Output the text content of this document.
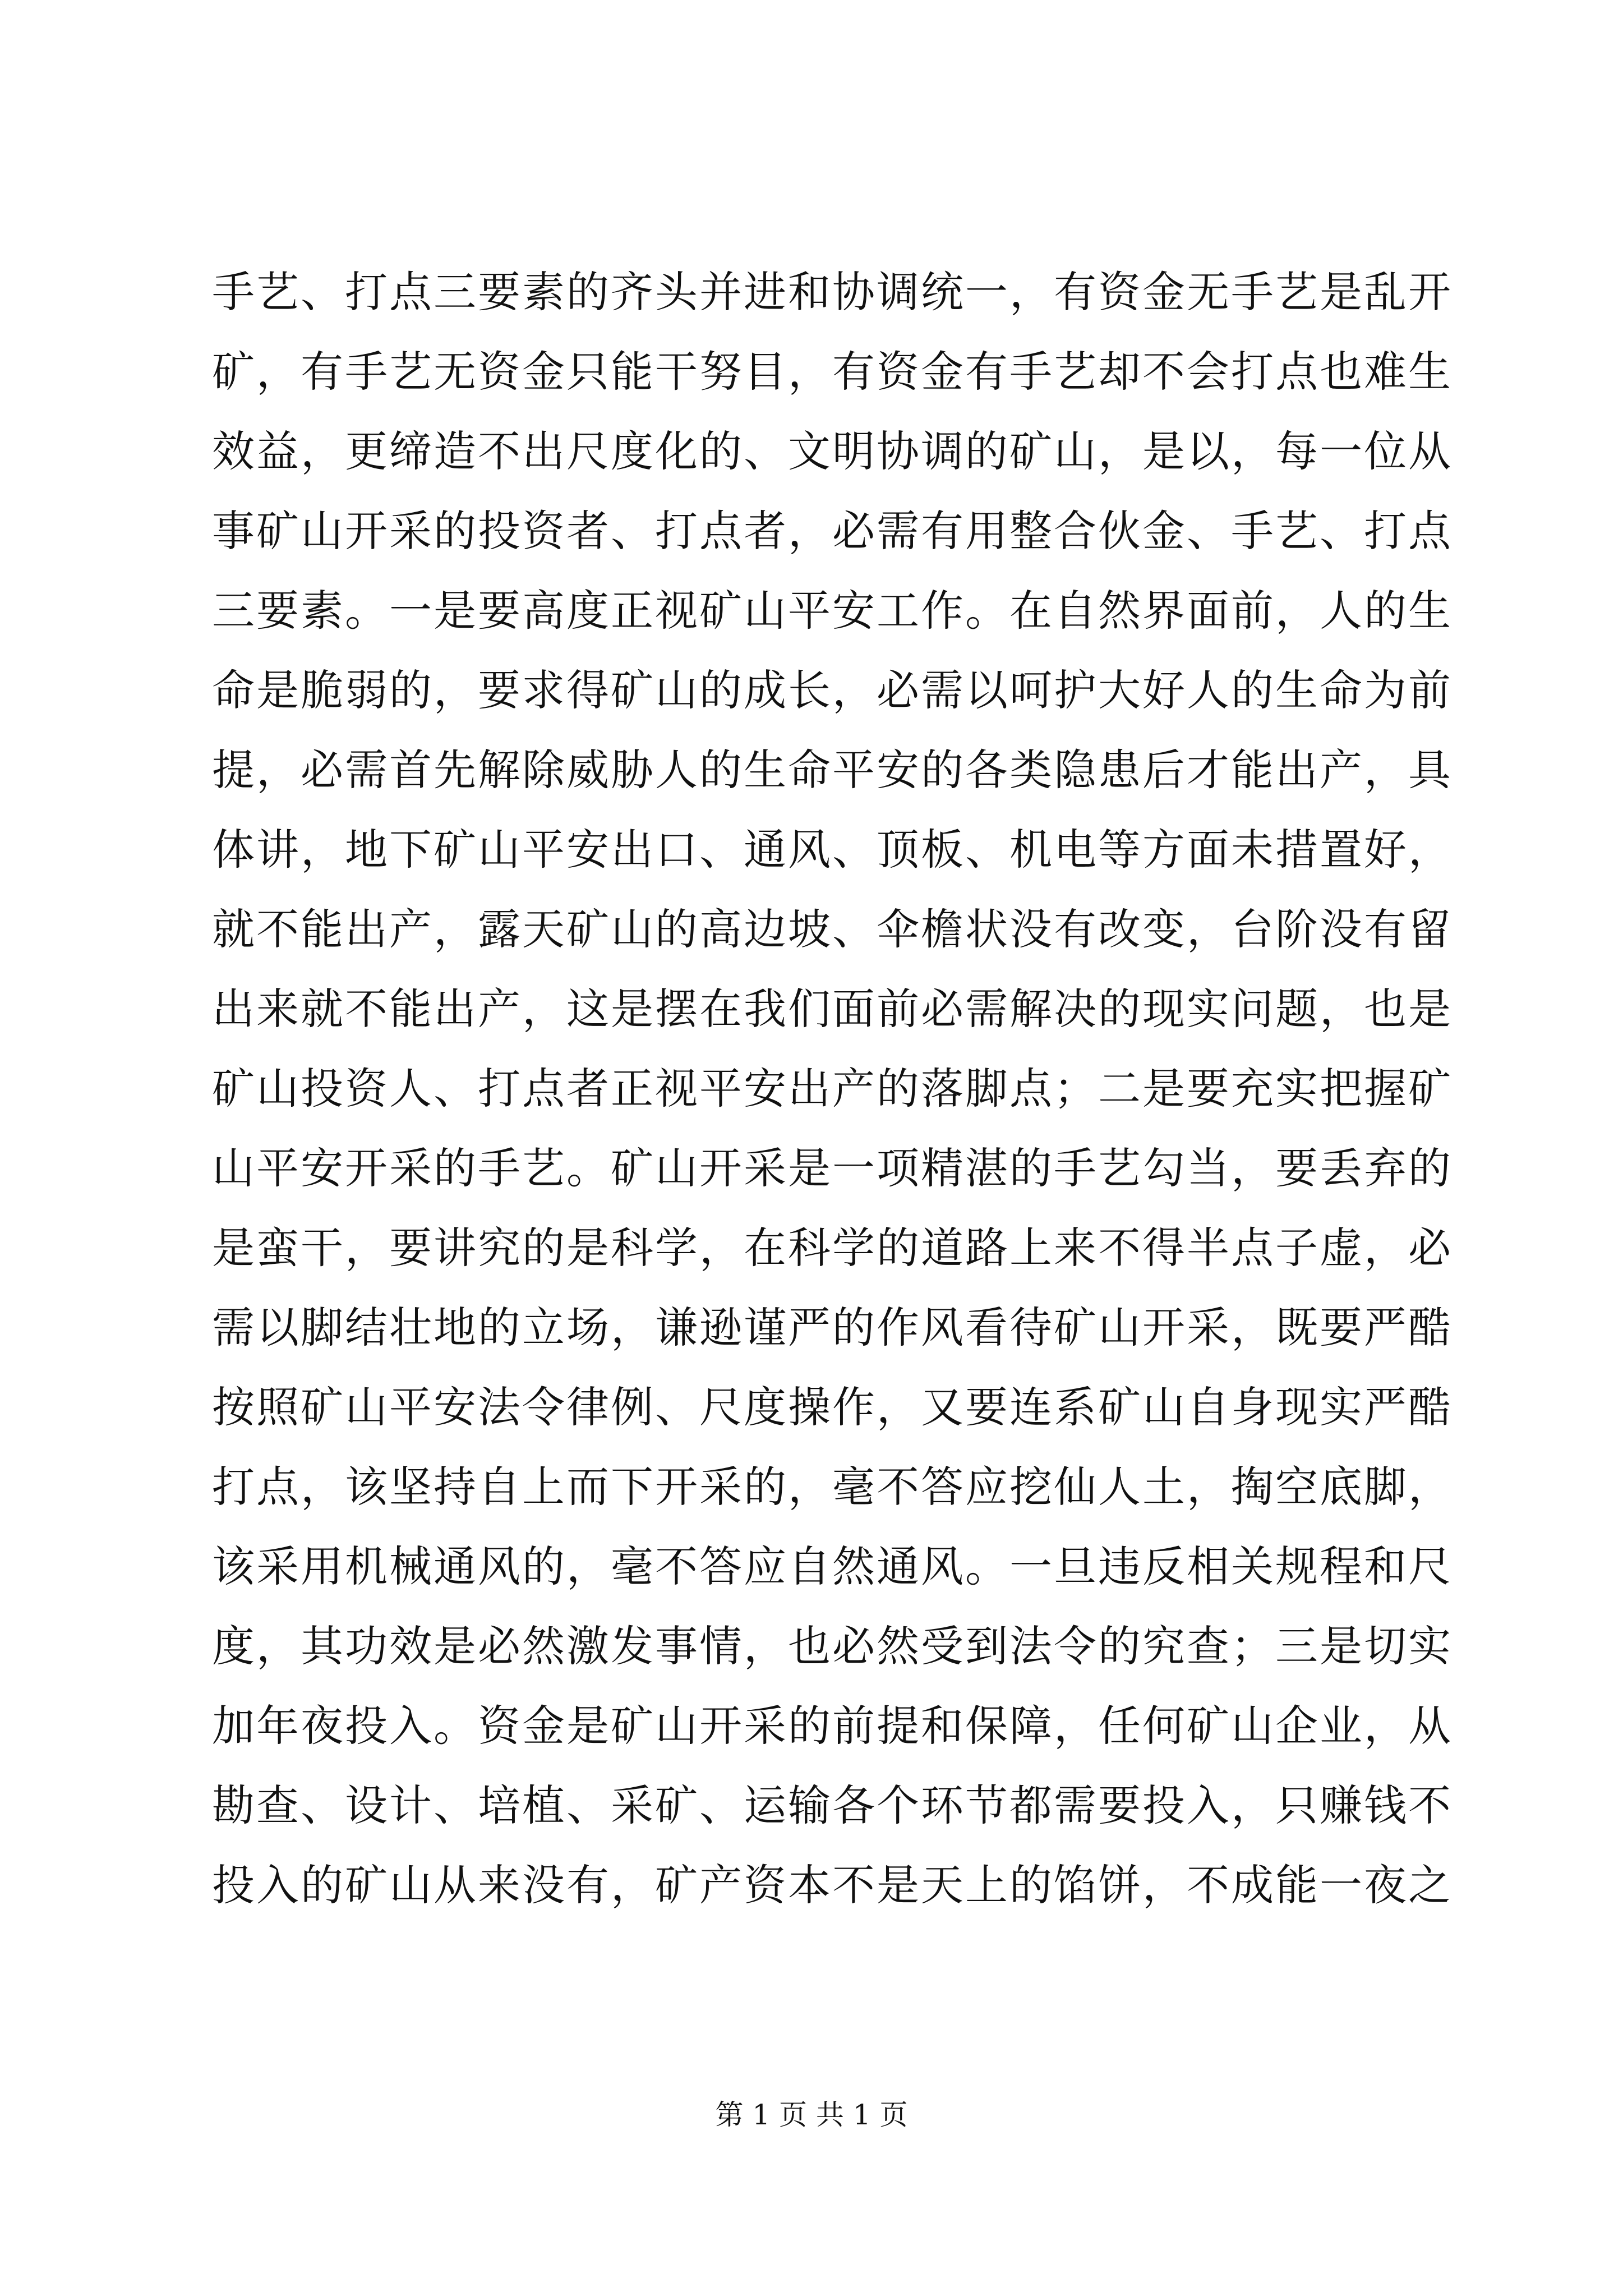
手艺、打点三要素的齐头并进和协调统一，有资金无手艺是乱开
矿，有手艺无资金只能干努目，有资金有手艺却不会打点也难生
效益，更缔造不出尺度化的、文明协调的矿山，是以，每一位从
事矿山开采的投资者、打点者，必需有用整合伙金、手艺、打点
三要素。一是要高度正视矿山平安工作。在自然界面前，人的生
命是脆弱的，要求得矿山的成长，必需以呵护大好人的生命为前
提，必需首先解除威胁人的生命平安的各类隐患后才能出产，具
体讲，地下矿山平安出口、通风、顶板、机电等方面未措置好，
就不能出产，露天矿山的高边坡、伞檐状没有改变，台阶没有留
出来就不能出产，这是摆在我们面前必需解决的现实问题，也是
矿山投资人、打点者正视平安出产的落脚点；二是要充实把握矿
山平安开采的手艺。矿山开采是一项精湛的手艺勾当，要丢弃的
是蛮干，要讲究的是科学，在科学的道路上来不得半点子虚，必
需以脚结壮地的立场，谦逊谨严的作风看待矿山开采，既要严酷
按照矿山平安法令律例、尺度操作，又要连系矿山自身现实严酷
打点，该坚持自上而下开采的，毫不答应挖仙人土，掏空底脚，
该采用机械通风的，毫不答应自然通风。一旦违反相关规程和尺
度，其功效是必然激发事情，也必然受到法令的究查；三是切实
加年夜投入。资金是矿山开采的前提和保障，任何矿山企业，从
勘查、设计、培植、采矿、运输各个环节都需要投入，只赚钱不
投入的矿山从来没有，矿产资本不是天上的馅饼，不成能一夜之
第 1 页 共 1 页
